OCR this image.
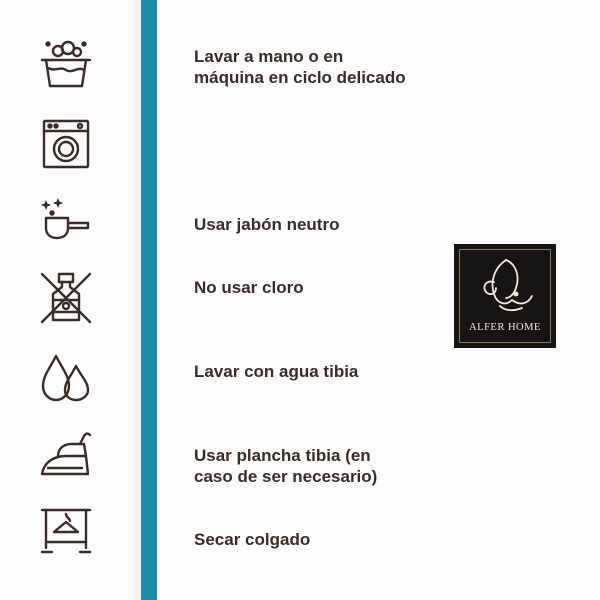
Lavar a mano o en máquina en ciclo delicado
Usar jabón neutro
No usar cloro
Lavar con agua tibia
Usar plancha tibia (en caso de ser necesario)
Secar colgado
ALFER HOME
